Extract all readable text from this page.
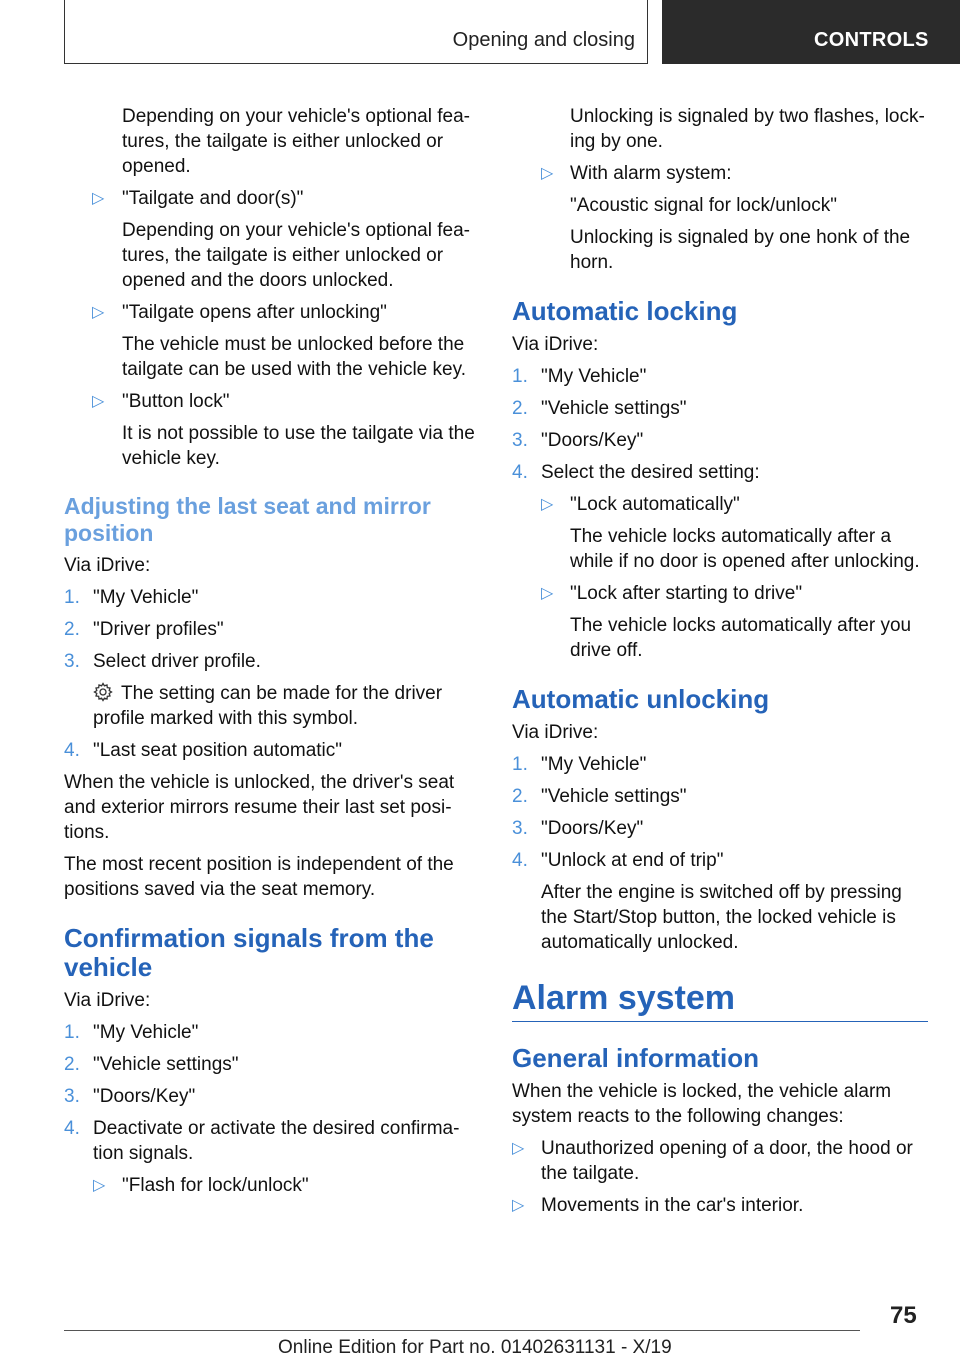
Opening and closing	CONTROLS

Depending on your vehicle's optional fea‐tures, the tailgate is either unlocked or opened.

▷ "Tailgate and door(s)"
Depending on your vehicle's optional fea‐tures, the tailgate is either unlocked or opened and the doors unlocked.
▷ "Tailgate opens after unlocking"
The vehicle must be unlocked before the tailgate can be used with the vehicle key.
▷ "Button lock"
It is not possible to use the tailgate via the vehicle key.
Adjusting the last seat and mirror position

Via iDrive:

1. "My Vehicle"
2. "Driver profiles"
3. Select driver profile.
The setting can be made for the driver profile marked with this symbol.
4. "Last seat position automatic"

When the vehicle is unlocked, the driver's seat and exterior mirrors resume their last set posi‐tions.

The most recent position is independent of the positions saved via the seat memory.

Confirmation signals from the vehicle

Via iDrive:

1. "My Vehicle"
2. "Vehicle settings"
3. "Doors/Key"
4. Deactivate or activate the desired confirma‐tion signals.
▷ "Flash for lock/unlock"

Unlocking is signaled by two flashes, lock‐ing by one.

▷ With alarm system:
"Acoustic signal for lock/unlock"
Unlocking is signaled by one honk of the horn.
Automatic locking

Via iDrive:

1. "My Vehicle"
2. "Vehicle settings"
3. "Doors/Key"
4. Select the desired setting:
▷ "Lock automatically"
The vehicle locks automatically after a while if no door is opened after unlocking.
▷ "Lock after starting to drive"
The vehicle locks automatically after you drive off.
Automatic unlocking

Via iDrive:

1. "My Vehicle"
2. "Vehicle settings"
3. "Doors/Key"
4. "Unlock at end of trip"

After the engine is switched off by pressing the Start/Stop button, the locked vehicle is automatically unlocked.

Alarm system
General information

When the vehicle is locked, the vehicle alarm system reacts to the following changes:

▷ Unauthorized opening of a door, the hood or the tailgate.
▷ Movements in the car's interior.
75
Online Edition for Part no. 01402631131 - X/19
